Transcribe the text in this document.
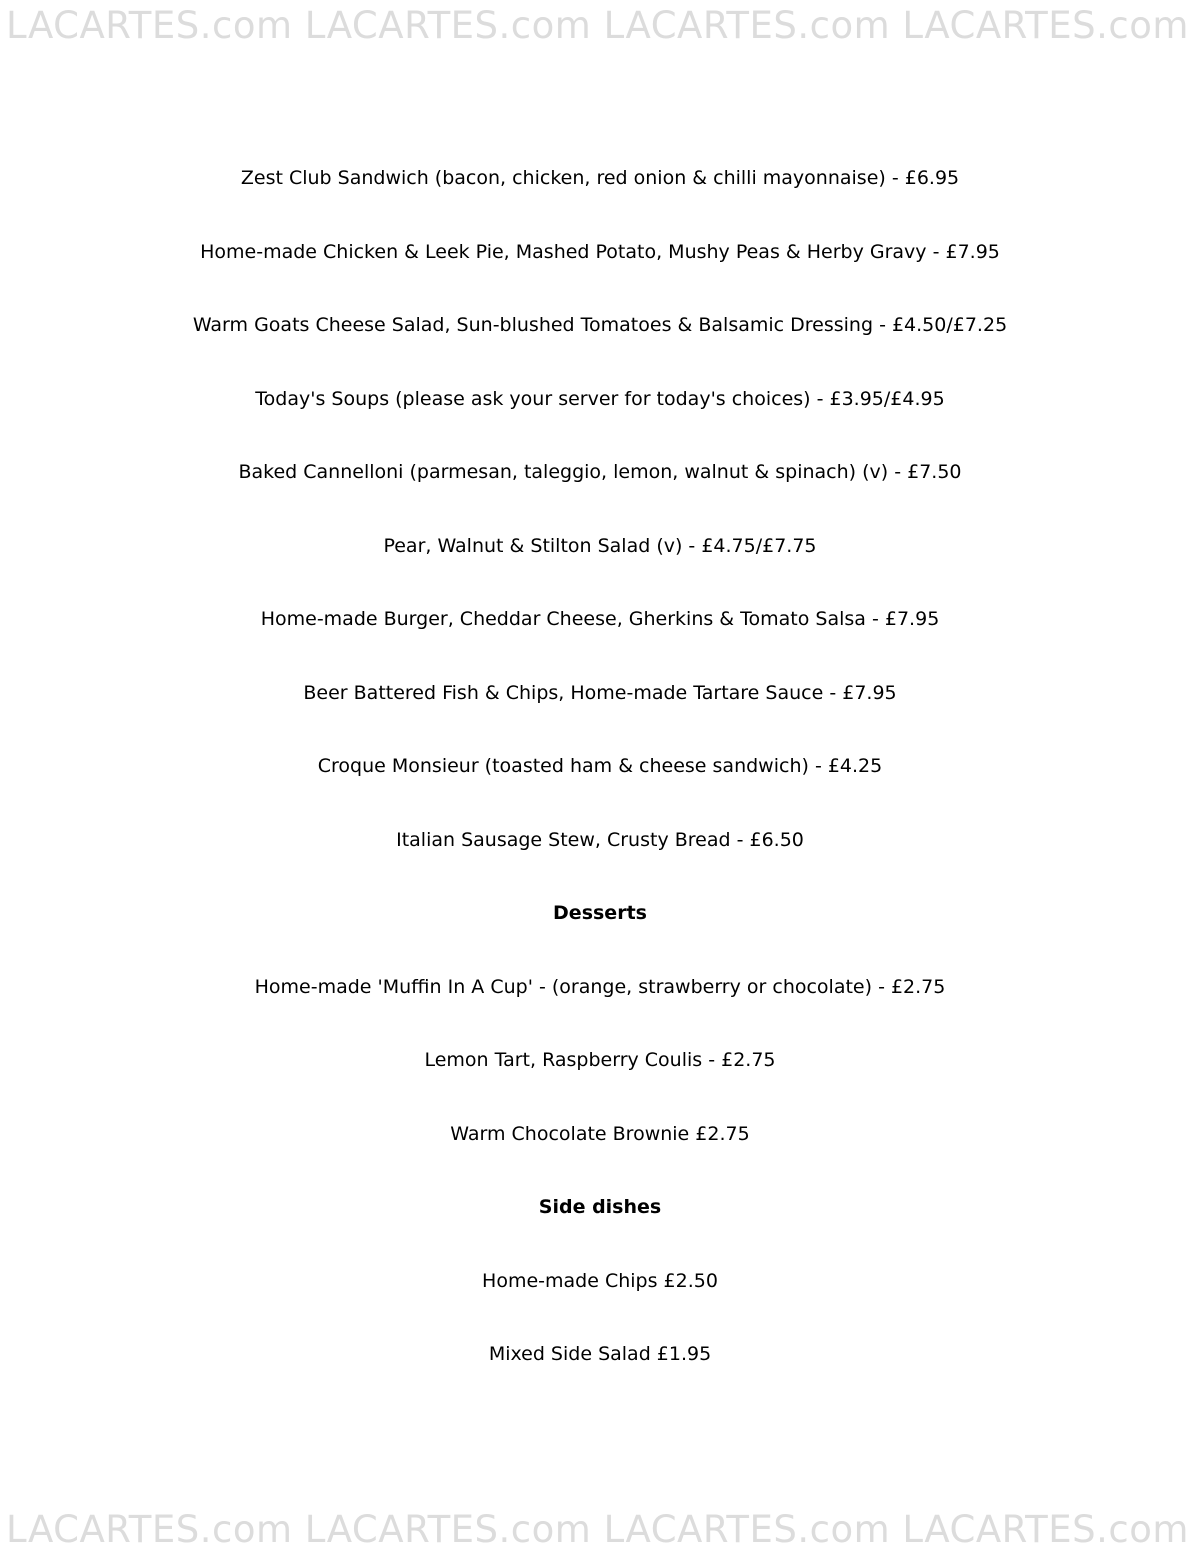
LACARTES.com LACARTES.com LACARTES.com LACARTES.com
Zest Club Sandwich (bacon, chicken, red onion & chilli mayonnaise) - £6.95
Home-made Chicken & Leek Pie, Mashed Potato, Mushy Peas & Herby Gravy - £7.95
Warm Goats Cheese Salad, Sun-blushed Tomatoes & Balsamic Dressing - £4.50/£7.25
Today's Soups (please ask your server for today's choices) - £3.95/£4.95
Baked Cannelloni (parmesan, taleggio, lemon, walnut & spinach) (v) - £7.50
Pear, Walnut & Stilton Salad (v) - £4.75/£7.75
Home-made Burger, Cheddar Cheese, Gherkins & Tomato Salsa - £7.95
Beer Battered Fish & Chips, Home-made Tartare Sauce - £7.95
Croque Monsieur (toasted ham & cheese sandwich) - £4.25
Italian Sausage Stew, Crusty Bread - £6.50
Desserts
Home-made 'Muffin In A Cup' - (orange, strawberry or chocolate) - £2.75
Lemon Tart, Raspberry Coulis - £2.75
Warm Chocolate Brownie £2.75
Side dishes
Home-made Chips £2.50
Mixed Side Salad £1.95
LACARTES.com LACARTES.com LACARTES.com LACARTES.com
